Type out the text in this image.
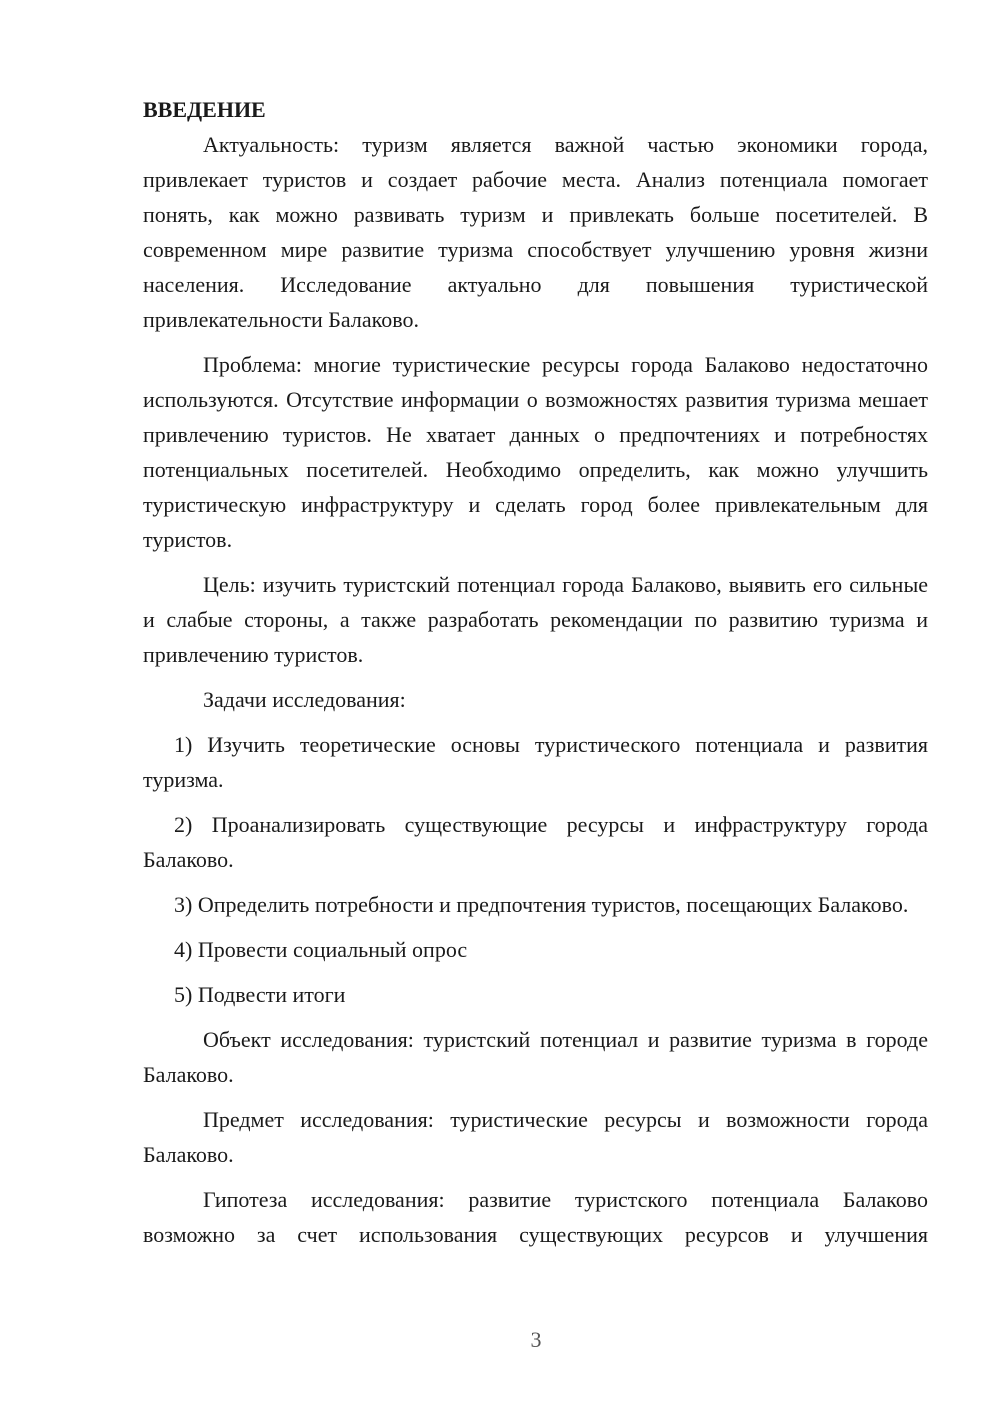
ВВЕДЕНИЕ

Актуальность: туризм является важной частью экономики города, привлекает туристов и создает рабочие места. Анализ потенциала помогает понять, как можно развивать туризм и привлекать больше посетителей. В современном мире развитие туризма способствует улучшению уровня жизни населения. Исследование актуально для повышения туристической привлекательности Балаково.

Проблема: многие туристические ресурсы города Балаково недостаточно используются. Отсутствие информации о возможностях развития туризма мешает привлечению туристов. Не хватает данных о предпочтениях и потребностях потенциальных посетителей. Необходимо определить, как можно улучшить туристическую инфраструктуру и сделать город более привлекательным для туристов.

Цель: изучить туристский потенциал города Балаково, выявить его сильные и слабые стороны, а также разработать рекомендации по развитию туризма и привлечению туристов.

Задачи исследования:

1) Изучить теоретические основы туристического потенциала и развития туризма.

2) Проанализировать существующие ресурсы и инфраструктуру города Балаково.

3) Определить потребности и предпочтения туристов, посещающих Балаково.

4) Провести социальный опрос

5) Подвести итоги

Объект исследования: туристский потенциал и развитие туризма в городе Балаково.

Предмет исследования: туристические ресурсы и возможности города Балаково.

Гипотеза исследования: развитие туристского потенциала Балаково возможно за счет использования существующих ресурсов и улучшения

3
